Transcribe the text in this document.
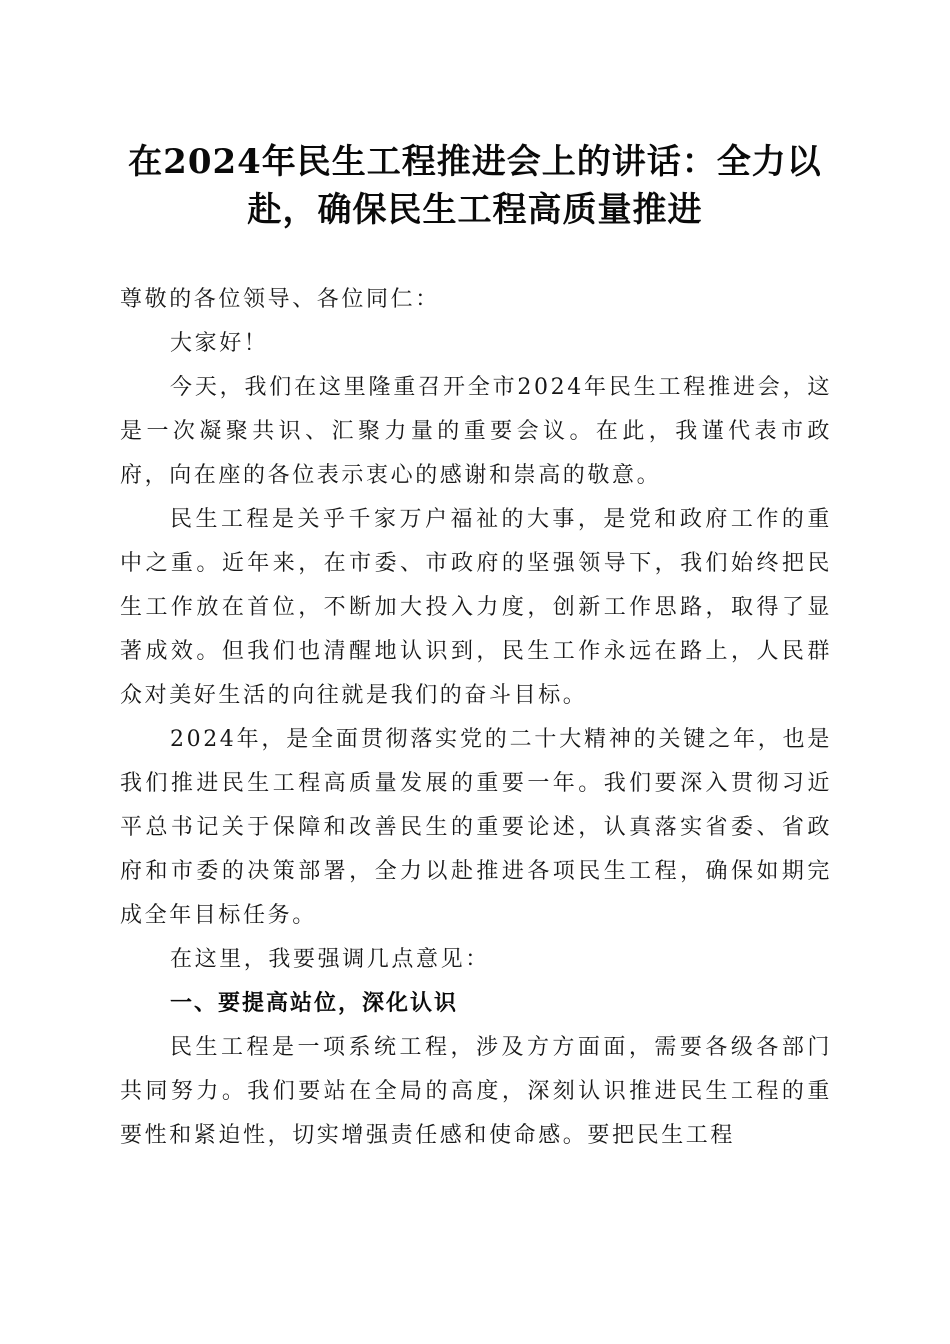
在2024年民生工程推进会上的讲话：全力以赴，确保民生工程高质量推进

尊敬的各位领导、各位同仁：

大家好！

今天，我们在这里隆重召开全市2024年民生工程推进会，这是一次凝聚共识、汇聚力量的重要会议。在此，我谨代表市政府，向在座的各位表示衷心的感谢和崇高的敬意。

民生工程是关乎千家万户福祉的大事，是党和政府工作的重中之重。近年来，在市委、市政府的坚强领导下，我们始终把民生工作放在首位，不断加大投入力度，创新工作思路，取得了显著成效。但我们也清醒地认识到，民生工作永远在路上，人民群众对美好生活的向往就是我们的奋斗目标。

2024年，是全面贯彻落实党的二十大精神的关键之年，也是我们推进民生工程高质量发展的重要一年。我们要深入贯彻习近平总书记关于保障和改善民生的重要论述，认真落实省委、省政府和市委的决策部署，全力以赴推进各项民生工程，确保如期完成全年目标任务。

在这里，我要强调几点意见：

一、要提高站位，深化认识

民生工程是一项系统工程，涉及方方面面，需要各级各部门共同努力。我们要站在全局的高度，深刻认识推进民生工程的重要性和紧迫性，切实增强责任感和使命感。要把民生工程
